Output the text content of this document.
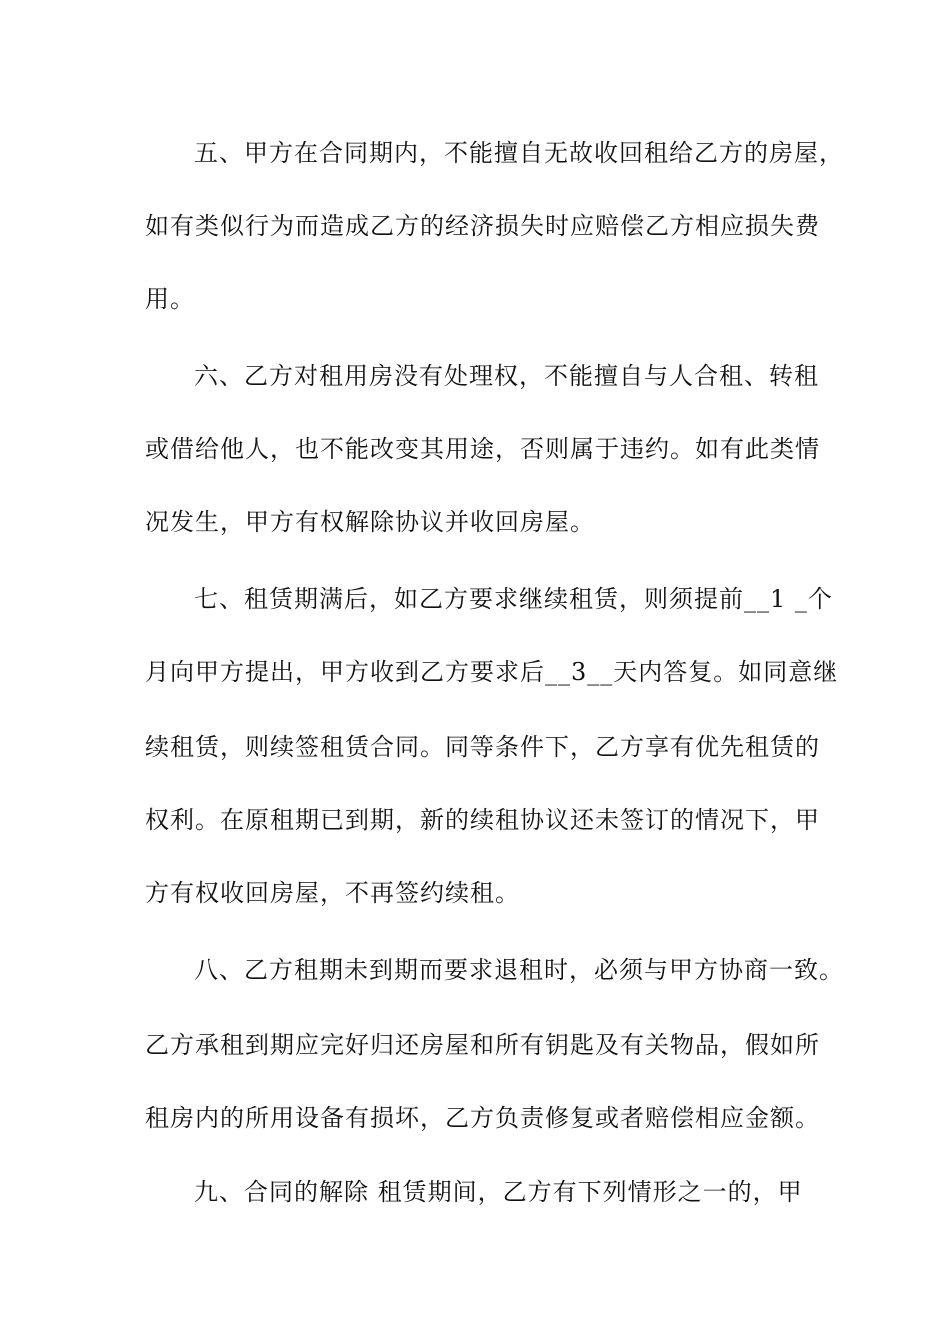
五、甲方在合同期内，不能擅自无故收回租给乙方的房屋，
如有类似行为而造成乙方的经济损失时应赔偿乙方相应损失费
用。
六、乙方对租用房没有处理权，不能擅自与人合租、转租
或借给他人，也不能改变其用途，否则属于违约。如有此类情
况发生，甲方有权解除协议并收回房屋。
七、租赁期满后，如乙方要求继续租赁，则须提前__1 _个
月向甲方提出，甲方收到乙方要求后__3__天内答复。如同意继
续租赁，则续签租赁合同。同等条件下，乙方享有优先租赁的
权利。在原租期已到期，新的续租协议还未签订的情况下，甲
方有权收回房屋，不再签约续租。
八、乙方租期未到期而要求退租时，必须与甲方协商一致。
乙方承租到期应完好归还房屋和所有钥匙及有关物品，假如所
租房内的所用设备有损坏，乙方负责修复或者赔偿相应金额。
九、合同的解除 租赁期间，乙方有下列情形之一的，甲
